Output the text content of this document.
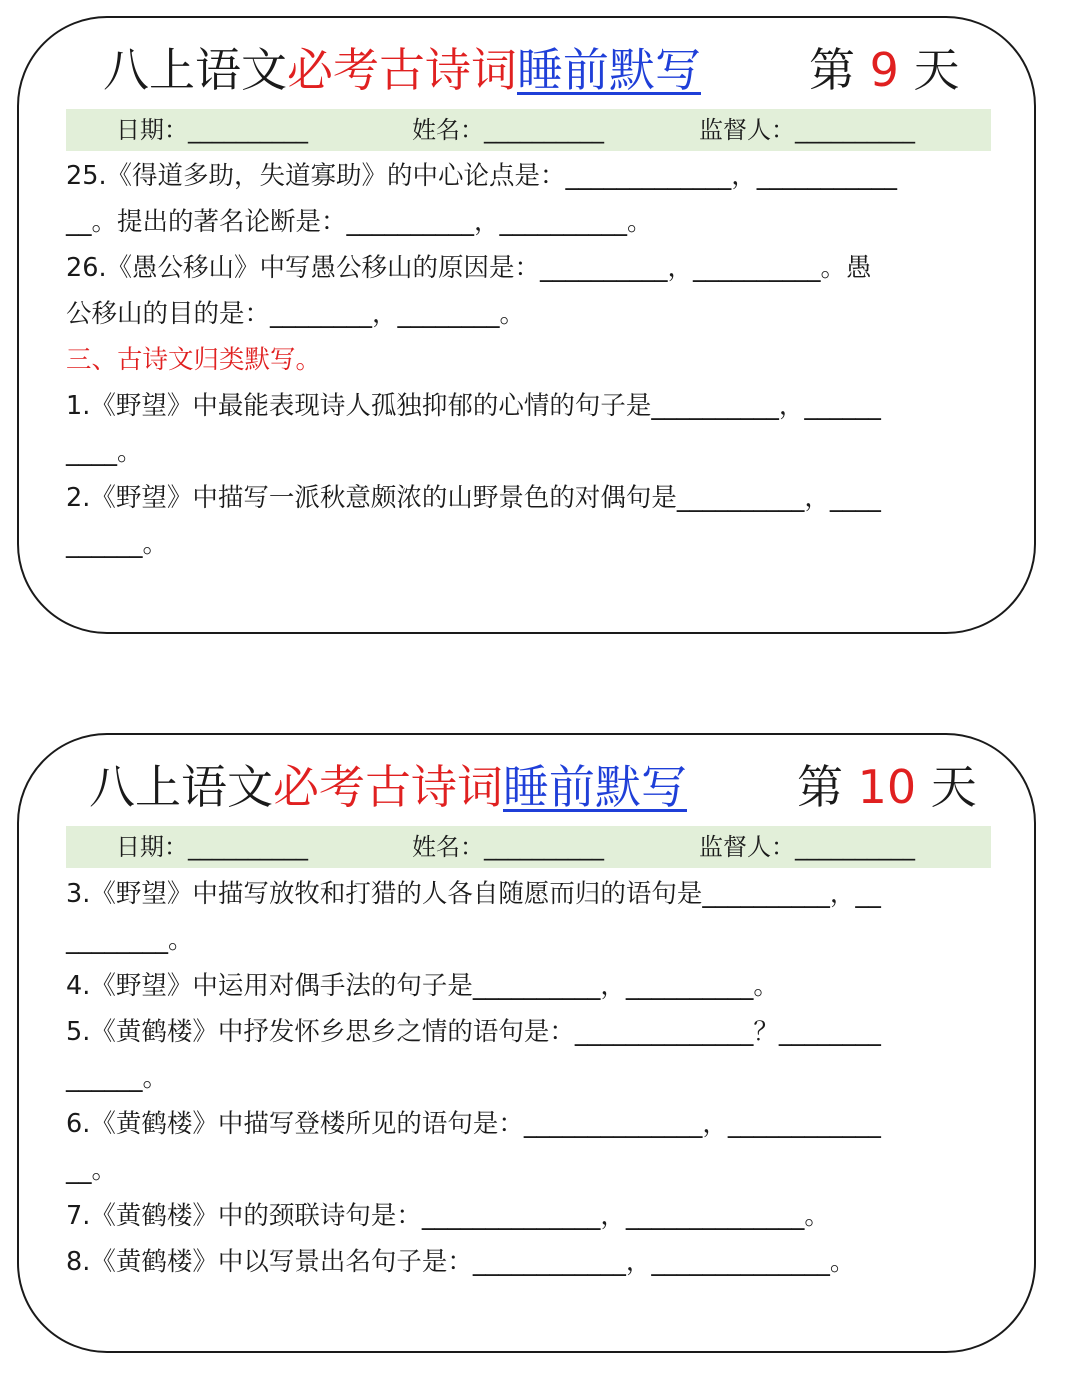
八上语文必考古诗词睡前默写 第 9 天
日期：__________	姓名：__________	监督人：__________
25.《得道多助，失道寡助》的中心论点是：_____________，___________
__。提出的著名论断是：__________，__________。
26.《愚公移山》中写愚公移山的原因是：__________，__________。愚
公移山的目的是：________，________。
三、古诗文归类默写。
1.《野望》中最能表现诗人孤独抑郁的心情的句子是__________，______
____。
2.《野望》中描写一派秋意颇浓的山野景色的对偶句是__________，____
______。
八上语文必考古诗词睡前默写 第 10 天
日期：__________	姓名：__________	监督人：__________
3.《野望》中描写放牧和打猎的人各自随愿而归的语句是__________，__
________。
4.《野望》中运用对偶手法的句子是__________，__________。
5.《黄鹤楼》中抒发怀乡思乡之情的语句是：______________？________
______。
6.《黄鹤楼》中描写登楼所见的语句是：______________，____________
__。
7.《黄鹤楼》中的颈联诗句是：______________，______________。
8.《黄鹤楼》中以写景出名句子是：____________，______________。
